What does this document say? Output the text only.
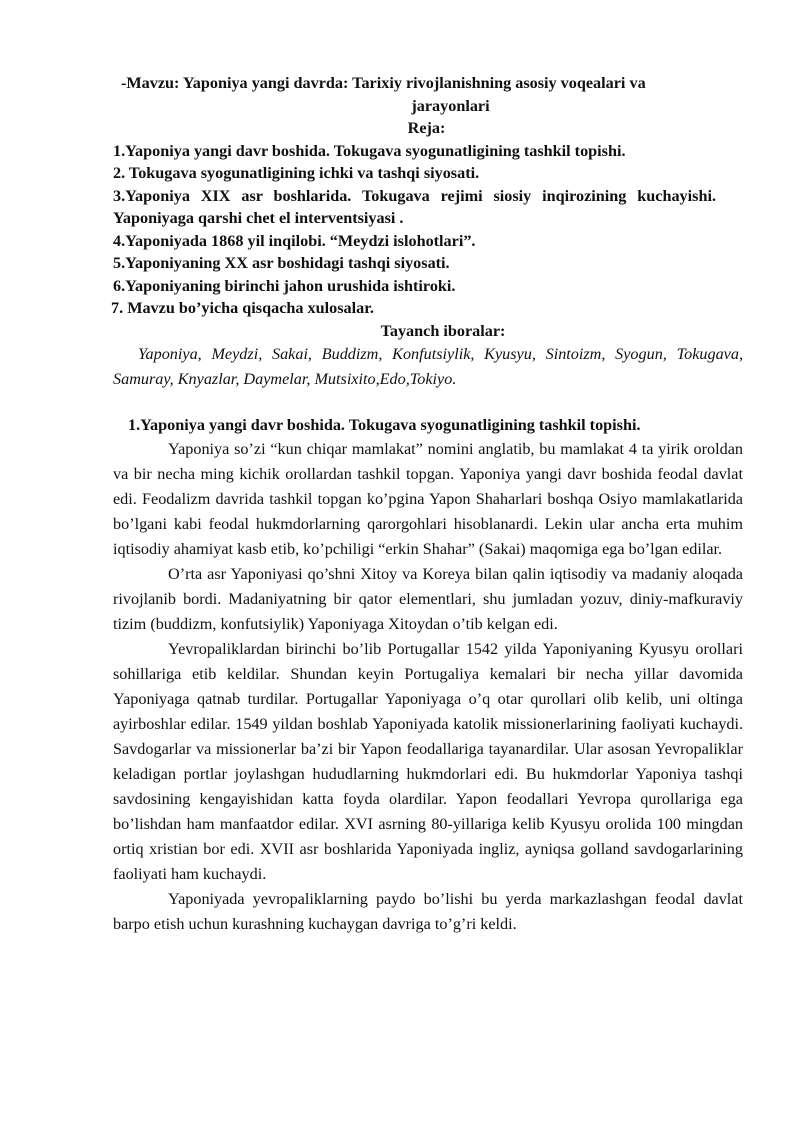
-Mavzu: Yaponiya yangi davrda: Tarixiy rivojlanishning asosiy voqealari va
jarayonlari
Reja:
1.Yaponiya yangi davr boshida. Tokugava syogunatligining tashkil topishi.
2. Tokugava syogunatligining ichki va tashqi siyosati.
3.Yaponiya XIX asr boshlarida. Tokugava rejimi siosiy inqirozining kuchayishi. Yaponiyaga qarshi chet el interventsiyasi .
4.Yaponiyada 1868 yil inqilobi. “Meydzi islohotlari”.
5.Yaponiyaning XX asr boshidagi tashqi siyosati.
6.Yaponiyaning birinchi jahon urushida ishtiroki.
7. Mavzu bo’yicha qisqacha xulosalar.
Tayanch iboralar:

Yaponiya, Meydzi, Sakai, Buddizm, Konfutsiylik, Kyusyu, Sintoizm, Syogun, Tokugava, Samuray, Knyazlar, Daymelar, Mutsixito,Edo,Tokiyo.

1.Yaponiya yangi davr boshida. Tokugava syogunatligining tashkil topishi.

Yaponiya so’zi “kun chiqar mamlakat” nomini anglatib, bu mamlakat 4 ta yirik oroldan va bir necha ming kichik orollardan tashkil topgan. Yaponiya yangi davr boshida feodal davlat edi. Feodalizm davrida tashkil topgan ko’pgina Yapon Shaharlari boshqa Osiyo mamlakatlarida bo’lgani kabi feodal hukmdorlarning qarorgohlari hisoblanardi. Lekin ular ancha erta muhim iqtisodiy ahamiyat kasb etib, ko’pchiligi “erkin Shahar” (Sakai) maqomiga ega bo’lgan edilar.

O’rta asr Yaponiyasi qo’shni Xitoy va Koreya bilan qalin iqtisodiy va madaniy aloqada rivojlanib bordi. Madaniyatning bir qator elementlari, shu jumladan yozuv, diniy-mafkuraviy tizim (buddizm, konfutsiylik) Yaponiyaga Xitoydan o’tib kelgan edi.

Yevropaliklardan birinchi bo’lib Portugallar 1542 yilda Yaponiyaning Kyusyu orollari sohillariga etib keldilar. Shundan keyin Portugaliya kemalari bir necha yillar davomida Yaponiyaga qatnab turdilar. Portugallar Yaponiyaga o’q otar qurollari olib kelib, uni oltinga ayirboshlar edilar. 1549 yildan boshlab Yaponiyada katolik missionerlarining faoliyati kuchaydi. Savdogarlar va missionerlar ba’zi bir Yapon feodallariga tayanardilar. Ular asosan Yevropaliklar keladigan portlar joylashgan hududlarning hukmdorlari edi. Bu hukmdorlar Yaponiya tashqi savdosining kengayishidan katta foyda olardilar. Yapon feodallari Yevropa qurollariga ega bo’lishdan ham manfaatdor edilar. XVI asrning 80-yillariga kelib Kyusyu orolida 100 mingdan ortiq xristian bor edi. XVII asr boshlarida Yaponiyada ingliz, ayniqsa golland savdogarlarining faoliyati ham kuchaydi.

Yaponiyada yevropaliklarning paydo bo’lishi bu yerda markazlashgan feodal davlat barpo etish uchun kurashning kuchaygan davriga to’g’ri keldi.
